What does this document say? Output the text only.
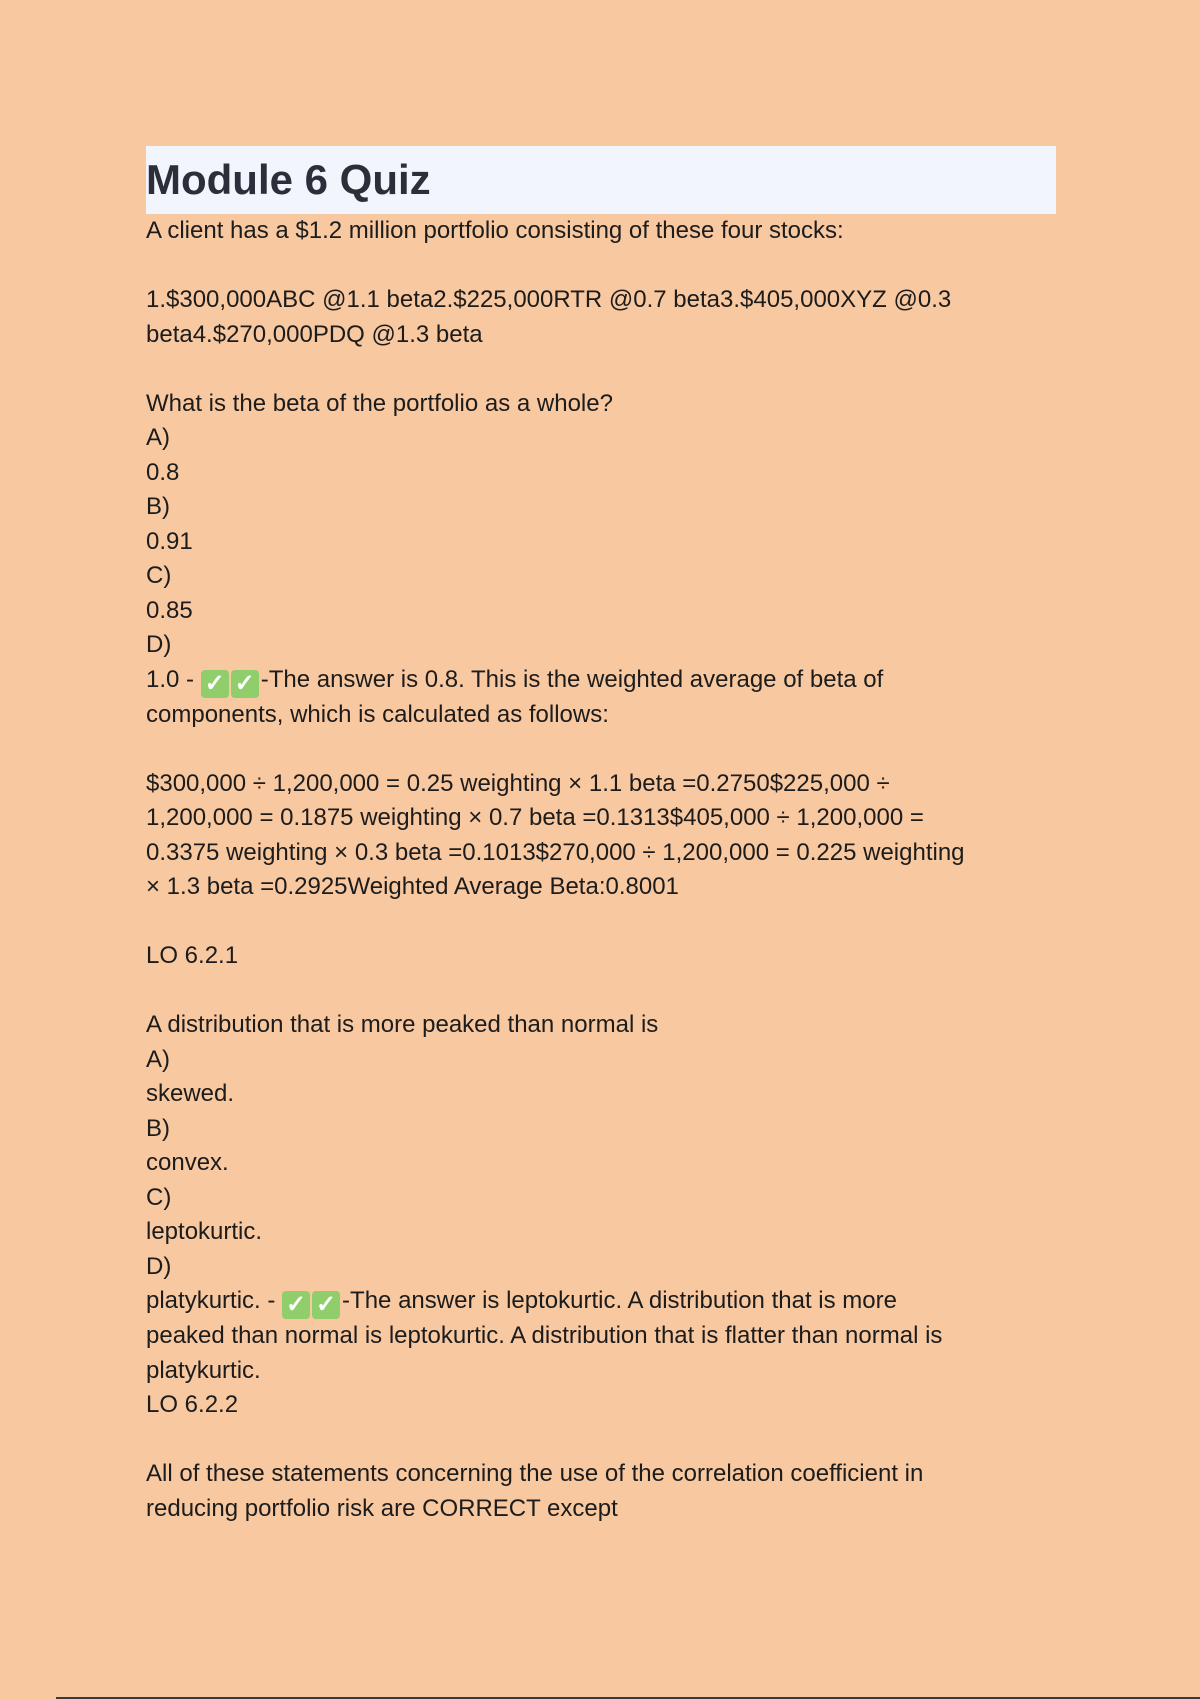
Module 6 Quiz
A client has a $1.2 million portfolio consisting of these four stocks:
1.$300,000ABC @1.1 beta2.$225,000RTR @0.7 beta3.$405,000XYZ @0.3
beta4.$270,000PDQ @1.3 beta
What is the beta of the portfolio as a whole?
A)
0.8
B)
0.91
C)
0.85
D)
1.0 - ✓ ✓ -The answer is 0.8. This is the weighted average of beta of
components, which is calculated as follows:
$300,000 ÷ 1,200,000 = 0.25 weighting × 1.1 beta =0.2750$225,000 ÷
1,200,000 = 0.1875 weighting × 0.7 beta =0.1313$405,000 ÷ 1,200,000 =
0.3375 weighting × 0.3 beta =0.1013$270,000 ÷ 1,200,000 = 0.225 weighting
× 1.3 beta =0.2925Weighted Average Beta:0.8001
LO 6.2.1
A distribution that is more peaked than normal is
A)
skewed.
B)
convex.
C)
leptokurtic.
D)
platykurtic. - ✓ ✓ -The answer is leptokurtic. A distribution that is more
peaked than normal is leptokurtic. A distribution that is flatter than normal is
platykurtic.
LO 6.2.2
All of these statements concerning the use of the correlation coefficient in
reducing portfolio risk are CORRECT except
